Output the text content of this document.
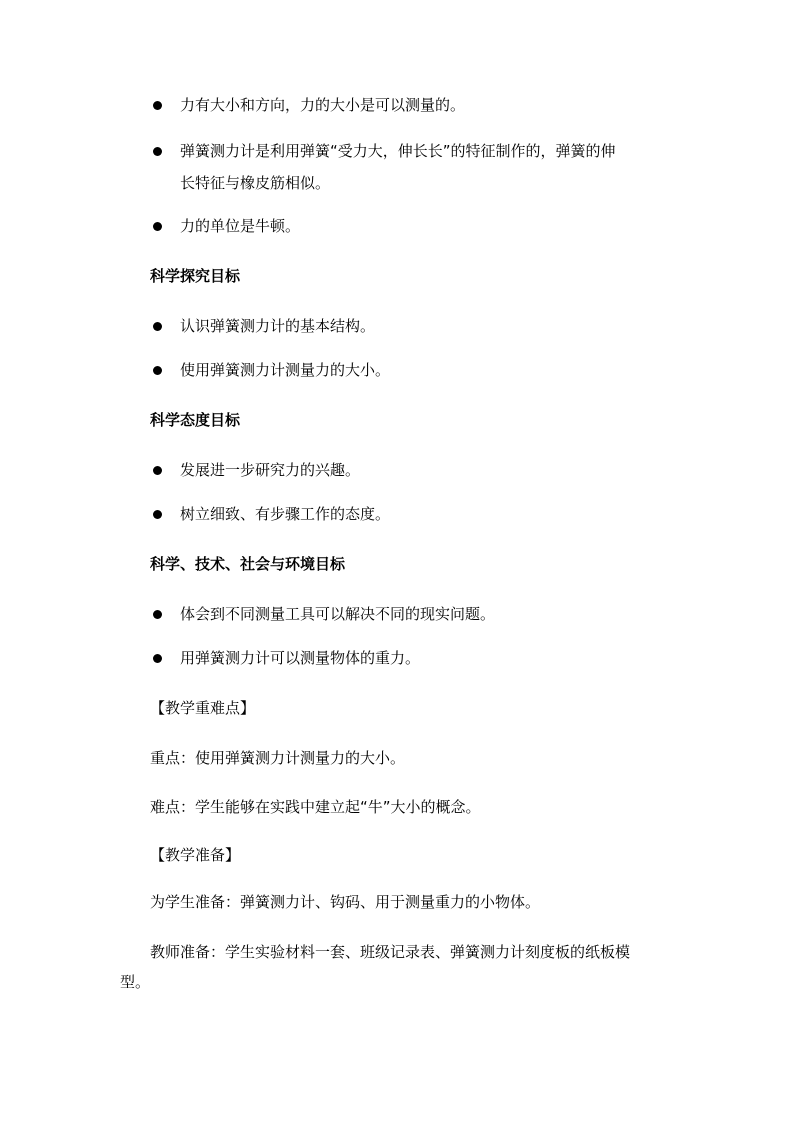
力有大小和方向，力的大小是可以测量的。
弹簧测力计是利用弹簧“受力大，伸长长”的特征制作的，弹簧的伸
长特征与橡皮筋相似。
力的单位是牛顿。
科学探究目标
认识弹簧测力计的基本结构。
使用弹簧测力计测量力的大小。
科学态度目标
发展进一步研究力的兴趣。
树立细致、有步骤工作的态度。
科学、技术、社会与环境目标
体会到不同测量工具可以解决不同的现实问题。
用弹簧测力计可以测量物体的重力。
【教学重难点】
重点：使用弹簧测力计测量力的大小。
难点：学生能够在实践中建立起“牛”大小的概念。
【教学准备】
为学生准备：弹簧测力计、钩码、用于测量重力的小物体。
教师准备：学生实验材料一套、班级记录表、弹簧测力计刻度板的纸板模
型。
